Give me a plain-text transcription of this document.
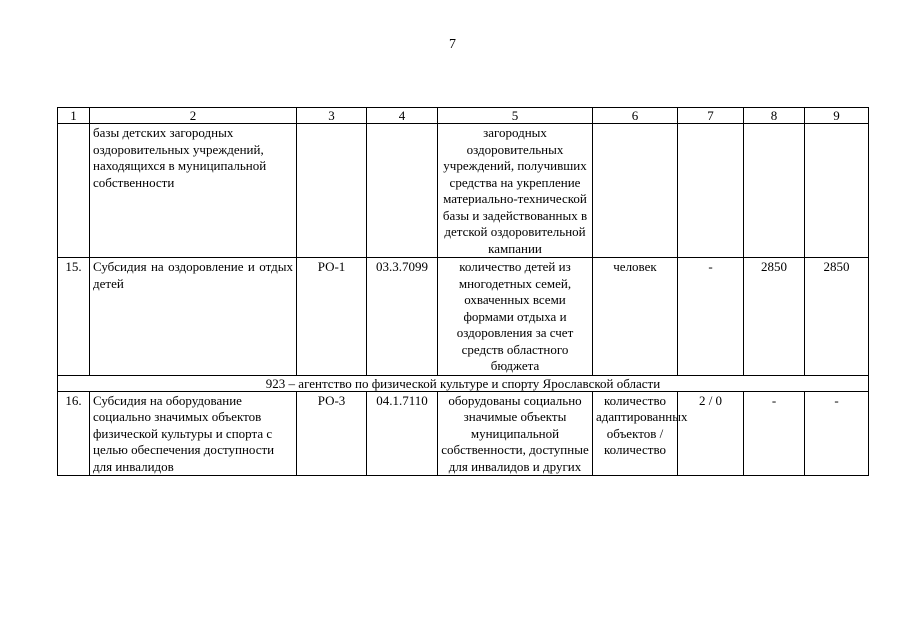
7
1	2	3	4	5	6	7	8	9
	базы детских загородных оздоровительных учреждений, находящихся в муниципальной собственности			загородных оздоровительных учреждений, получивших средства на укрепление материально-технической базы и задействованных в детской оздоровительной кампании				
15.	Субсидия на оздоровление и отдых детей	РО-1	03.3.7099	количество детей из многодетных семей, охваченных всеми формами отдыха и оздоровления за счет средств областного бюджета	человек	-	2850	2850
923 – агентство по физической культуре и спорту Ярославской области								
16.	Субсидия на оборудование социально значимых объектов физической культуры и спорта с целью обеспечения доступности для инвалидов	РО-3	04.1.7110	оборудованы социально значимые объекты муниципальной собственности, доступные для инвалидов и других	количество адаптированных объектов / количество	2 / 0	-	-
